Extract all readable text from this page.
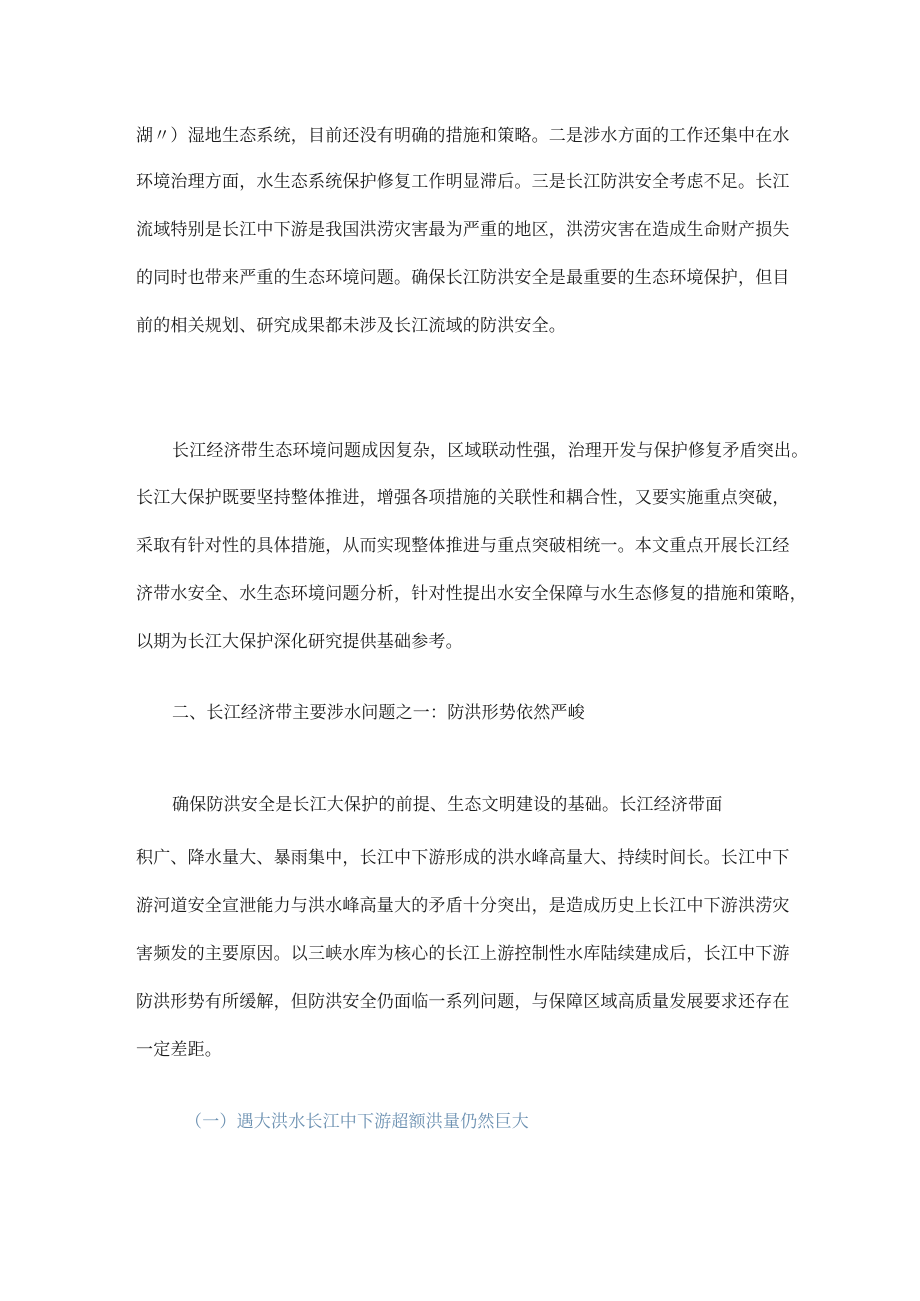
湖〃）湿地生态系统，目前还没有明确的措施和策略。二是涉水方面的工作还集中在水
环境治理方面，水生态系统保护修复工作明显滞后。三是长江防洪安全考虑不足。长江
流域特别是长江中下游是我国洪涝灾害最为严重的地区，洪涝灾害在造成生命财产损失
的同时也带来严重的生态环境问题。确保长江防洪安全是最重要的生态环境保护，但目
前的相关规划、研究成果都未涉及长江流域的防洪安全。
长江经济带生态环境问题成因复杂，区域联动性强，治理开发与保护修复矛盾突出。
长江大保护既要坚持整体推进，增强各项措施的关联性和耦合性，又要实施重点突破，
采取有针对性的具体措施，从而实现整体推进与重点突破相统一。本文重点开展长江经
济带水安全、水生态环境问题分析，针对性提出水安全保障与水生态修复的措施和策略，
以期为长江大保护深化研究提供基础参考。
二、长江经济带主要涉水问题之一：防洪形势依然严峻
确保防洪安全是长江大保护的前提、生态文明建设的基础。长江经济带面
积广、降水量大、暴雨集中，长江中下游形成的洪水峰高量大、持续时间长。长江中下
游河道安全宣泄能力与洪水峰高量大的矛盾十分突出，是造成历史上长江中下游洪涝灾
害频发的主要原因。以三峡水库为核心的长江上游控制性水库陆续建成后，长江中下游
防洪形势有所缓解，但防洪安全仍面临一系列问题，与保障区域高质量发展要求还存在
一定差距。
（一）遇大洪水长江中下游超额洪量仍然巨大
